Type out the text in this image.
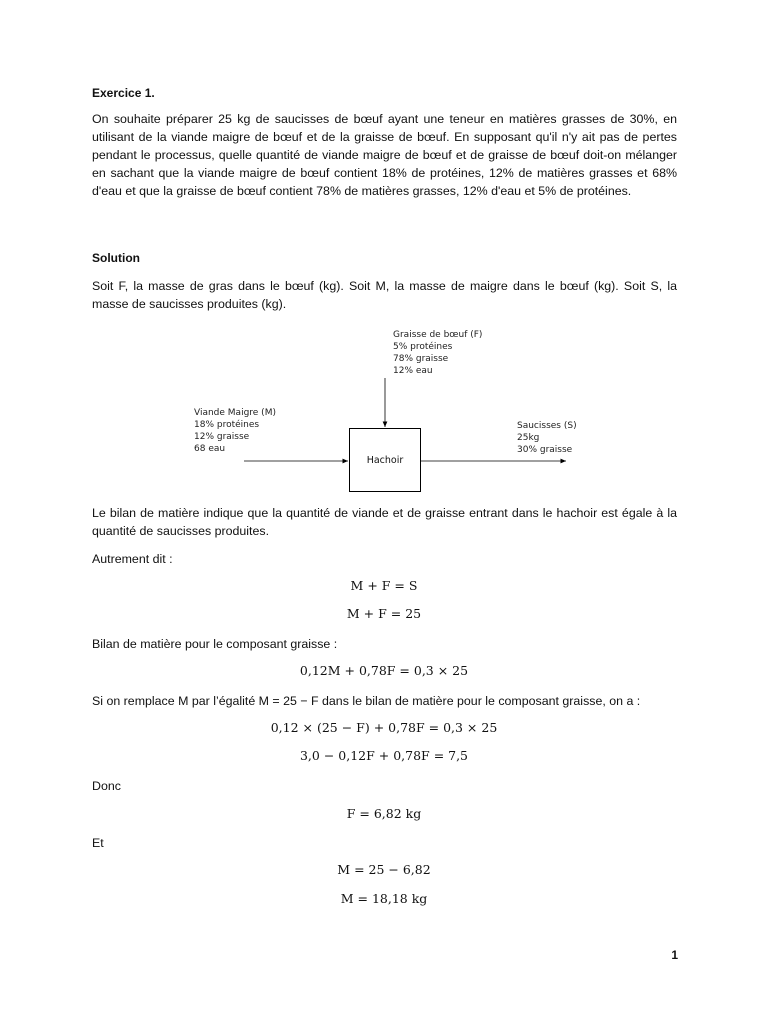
Exercice 1.
On souhaite préparer 25 kg de saucisses de bœuf ayant une teneur en matières grasses de 30%, en utilisant de la viande maigre de bœuf et de la graisse de bœuf. En supposant qu'il n'y ait pas de pertes pendant le processus, quelle quantité de viande maigre de bœuf et de graisse de bœuf doit-on mélanger en sachant que la viande maigre de bœuf contient 18% de protéines, 12% de matières grasses et 68% d'eau et que la graisse de bœuf contient 78% de matières grasses, 12% d'eau et 5% de protéines.
Solution
Soit F, la masse de gras dans le bœuf (kg). Soit M, la masse de maigre dans le bœuf (kg). Soit S, la masse de saucisses produites (kg).
Graisse de bœuf (F)
5% protéines
78% graisse
12% eau
Viande Maigre (M)
18% protéines
12% graisse
68 eau
Saucisses (S)
25kg
30% graisse
Hachoir
Le bilan de matière indique que la quantité de viande et de graisse entrant dans le hachoir est égale à la quantité de saucisses produites.
Autrement dit :
M + F = S
M + F = 25
Bilan de matière pour le composant graisse :
0,12M + 0,78F = 0,3 × 25
Si on remplace M par l’égalité M = 25 − F dans le bilan de matière pour le composant graisse, on a :
0,12 × (25 − F) + 0,78F = 0,3 × 25
3,0 − 0,12F + 0,78F = 7,5
Donc
F = 6,82 kg
Et
M = 25 − 6,82
M = 18,18 kg
1
